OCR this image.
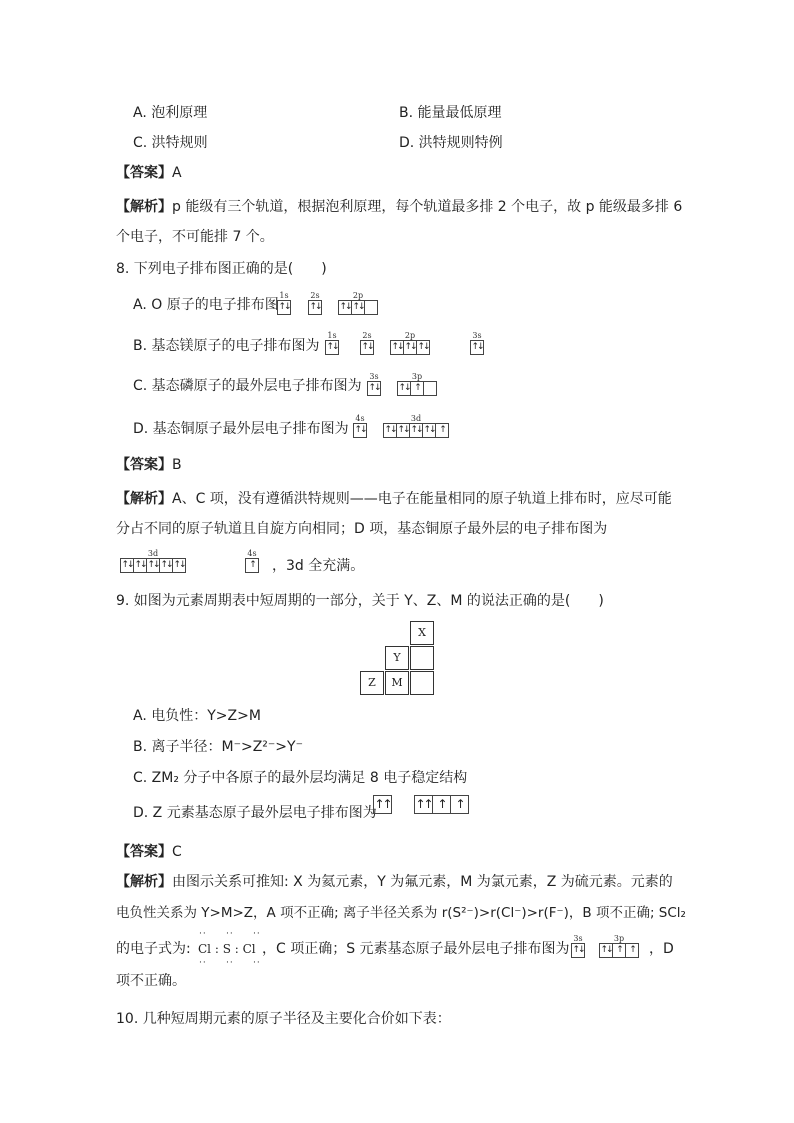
A. 泡利原理	B. 能量最低原理
C. 洪特规则	D. 洪特规则特例
【答案】A
【解析】p 能级有三个轨道，根据泡利原理，每个轨道最多排 2 个电子，故 p 能级最多排 6
个电子，不可能排 7 个。
8. 下列电子排布图正确的是(　　)
A. O 原子的电子排布图
1s
↑↓
2s
↑↓
2p
↑↓ ↑↓
B. 基态镁原子的电子排布图为
1s
↑↓
2s
↑↓
2p
↑↓ ↑↓ ↑↓
3s
↑↓
C. 基态磷原子的最外层电子排布图为
3s
↑↓
3p
↑↓ ↑
D. 基态铜原子最外层电子排布图为
4s
↑↓
3d
↑↓ ↑↓ ↑↓ ↑↓ ↑
【答案】B
【解析】A、C 项，没有遵循洪特规则——电子在能量相同的原子轨道上排布时，应尽可能
分占不同的原子轨道且自旋方向相同；D 项，基态铜原子最外层的电子排布图为
3d
↑↓ ↑↓ ↑↓ ↑↓ ↑↓
4s
↑ ，3d 全充满。
9. 如图为元素周期表中短周期的一部分，关于 Y、Z、M 的说法正确的是(　　)
X
Y
Z	M
A. 电负性：Y>Z>M
B. 离子半径：M⁻>Z²⁻>Y⁻
C. ZM₂ 分子中各原子的最外层均满足 8 电子稳定结构
D. Z 元素基态原子最外层电子排布图为
↑↑ ↑↑ ↑ ↑
【答案】C
【解析】由图示关系可推知: X 为氦元素，Y 为氟元素，M 为氯元素，Z 为硫元素。元素的
电负性关系为 Y>M>Z，A 项不正确; 离子半径关系为 r(S²⁻)>r(Cl⁻)>r(F⁻)，B 项不正确; SCl₂
的电子式为:
··     ··     ··
Cl : S : Cl
··     ··     ··
，C 项正确；S 元素基态原子最外层电子排布图为
3s
↑↓
3p
↑↓ ↑ ↑ ，D
项不正确。
10. 几种短周期元素的原子半径及主要化合价如下表：
